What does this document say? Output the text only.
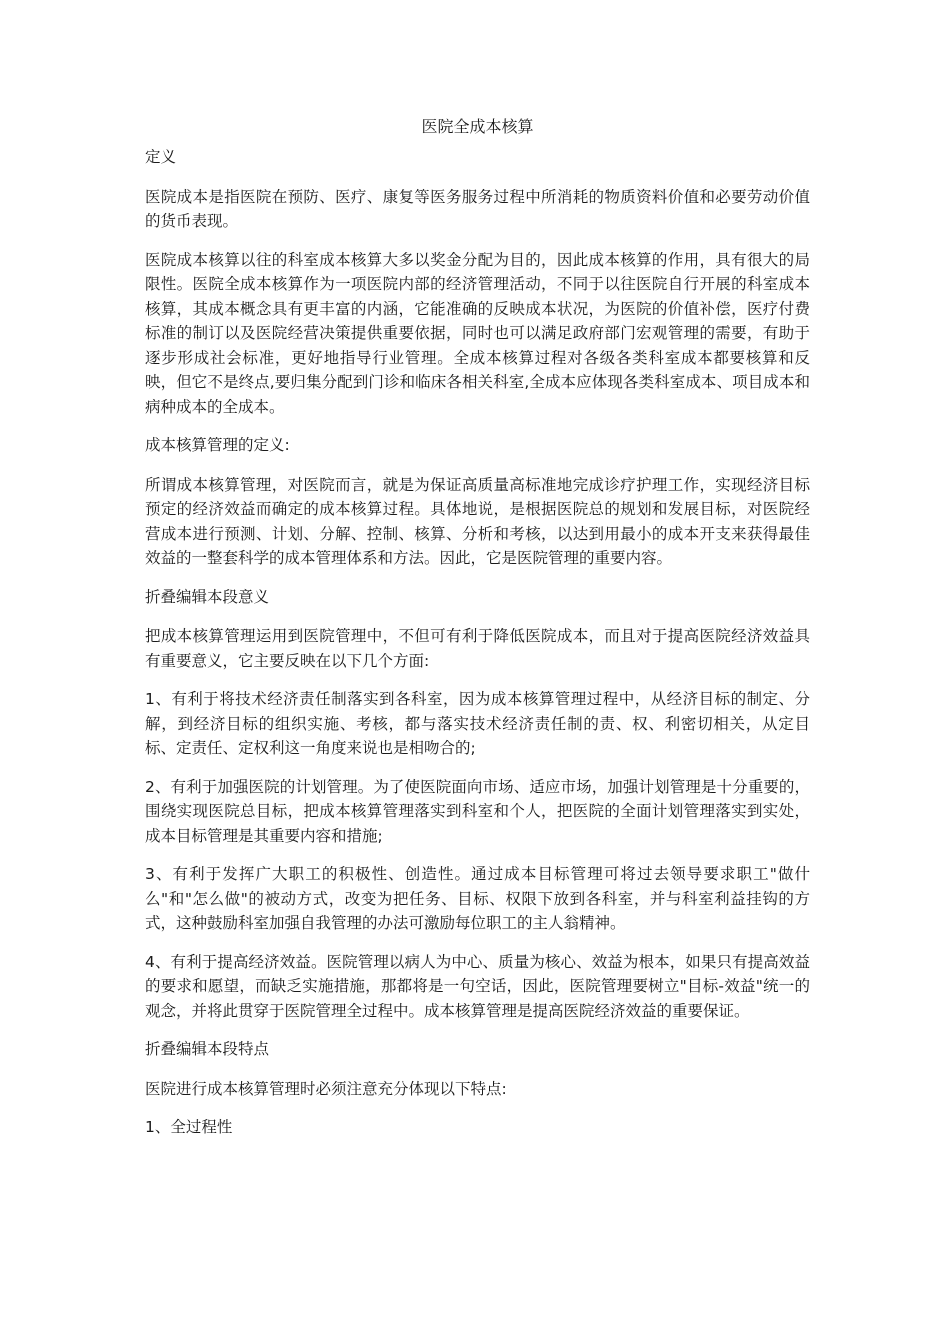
医院全成本核算

定义

医院成本是指医院在预防、医疗、康复等医务服务过程中所消耗的物质资料价值和必要劳动价值的货币表现。

医院成本核算以往的科室成本核算大多以奖金分配为目的，因此成本核算的作用，具有很大的局限性。医院全成本核算作为一项医院内部的经济管理活动，不同于以往医院自行开展的科室成本核算，其成本概念具有更丰富的内涵，它能准确的反映成本状况，为医院的价值补偿，医疗付费标准的制订以及医院经营决策提供重要依据，同时也可以满足政府部门宏观管理的需要，有助于逐步形成社会标准，更好地指导行业管理。全成本核算过程对各级各类科室成本都要核算和反映，但它不是终点,要归集分配到门诊和临床各相关科室,全成本应体现各类科室成本、项目成本和病种成本的全成本。

成本核算管理的定义:

所谓成本核算管理，对医院而言，就是为保证高质量高标准地完成诊疗护理工作，实现经济目标预定的经济效益而确定的成本核算过程。具体地说，是根据医院总的规划和发展目标，对医院经营成本进行预测、计划、分解、控制、核算、分析和考核，以达到用最小的成本开支来获得最佳效益的一整套科学的成本管理体系和方法。因此，它是医院管理的重要内容。

折叠编辑本段意义

把成本核算管理运用到医院管理中，不但可有利于降低医院成本，而且对于提高医院经济效益具有重要意义，它主要反映在以下几个方面:

1、有利于将技术经济责任制落实到各科室，因为成本核算管理过程中，从经济目标的制定、分解，到经济目标的组织实施、考核，都与落实技术经济责任制的责、权、利密切相关，从定目标、定责任、定权利这一角度来说也是相吻合的;

2、有利于加强医院的计划管理。为了使医院面向市场、适应市场，加强计划管理是十分重要的，围绕实现医院总目标，把成本核算管理落实到科室和个人，把医院的全面计划管理落实到实处，成本目标管理是其重要内容和措施;

3、有利于发挥广大职工的积极性、创造性。通过成本目标管理可将过去领导要求职工"做什么"和"怎么做"的被动方式，改变为把任务、目标、权限下放到各科室，并与科室利益挂钩的方式，这种鼓励科室加强自我管理的办法可激励每位职工的主人翁精神。

4、有利于提高经济效益。医院管理以病人为中心、质量为核心、效益为根本，如果只有提高效益的要求和愿望，而缺乏实施措施，那都将是一句空话，因此，医院管理要树立"目标-效益"统一的观念，并将此贯穿于医院管理全过程中。成本核算管理是提高医院经济效益的重要保证。

折叠编辑本段特点

医院进行成本核算管理时必须注意充分体现以下特点:

1、全过程性
